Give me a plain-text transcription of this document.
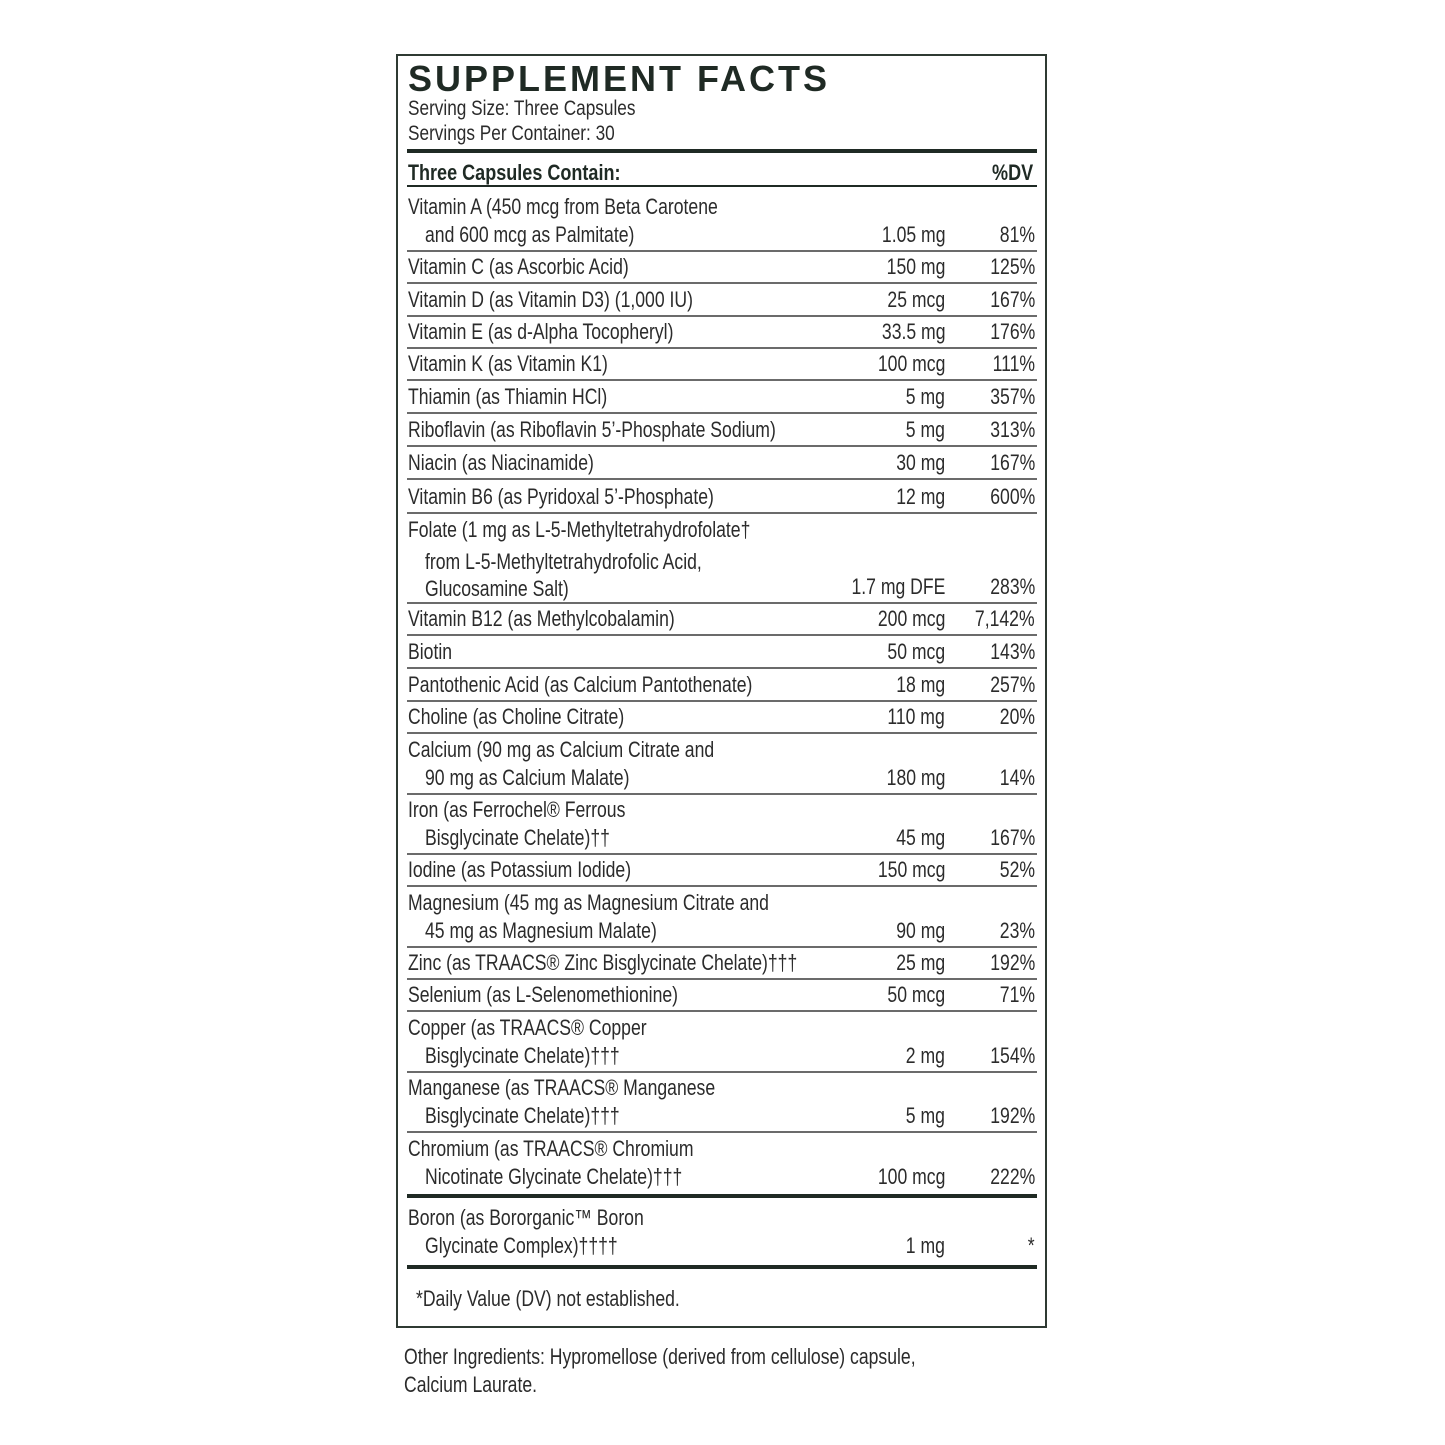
SUPPLEMENT FACTS
Serving Size: Three Capsules
Servings Per Container: 30
Three Capsules Contain:	%DV
Vitamin A (450 mcg from Beta Carotene
and 600 mcg as Palmitate)	1.05 mg 81%
Vitamin C (as Ascorbic Acid)	150 mg 125%
Vitamin D (as Vitamin D3) (1,000 IU)	25 mcg 167%
Vitamin E (as d-Alpha Tocopheryl)	33.5 mg 176%
Vitamin K (as Vitamin K1)	100 mcg 111%
Thiamin (as Thiamin HCl)	5 mg 357%
Riboflavin (as Riboflavin 5’-Phosphate Sodium)	5 mg 313%
Niacin (as Niacinamide)	30 mg 167%
Vitamin B6 (as Pyridoxal 5’-Phosphate)	12 mg 600%
Folate (1 mg as L-5-Methyltetrahydrofolate†
from L-5-Methyltetrahydrofolic Acid,
Glucosamine Salt)	1.7 mg DFE 283%
Vitamin B12 (as Methylcobalamin)	200 mcg 7,142%
Biotin	50 mcg 143%
Pantothenic Acid (as Calcium Pantothenate)	18 mg 257%
Choline (as Choline Citrate)	110 mg 20%
Calcium (90 mg as Calcium Citrate and
90 mg as Calcium Malate)	180 mg 14%
Iron (as Ferrochel® Ferrous
Bisglycinate Chelate)††	45 mg 167%
Iodine (as Potassium Iodide)	150 mcg 52%
Magnesium (45 mg as Magnesium Citrate and
45 mg as Magnesium Malate)	90 mg 23%
Zinc (as TRAACS® Zinc Bisglycinate Chelate)†††	25 mg 192%
Selenium (as L-Selenomethionine)	50 mcg 71%
Copper (as TRAACS® Copper
Bisglycinate Chelate)†††	2 mg 154%
Manganese (as TRAACS® Manganese
Bisglycinate Chelate)†††	5 mg 192%
Chromium (as TRAACS® Chromium
Nicotinate Glycinate Chelate)†††	100 mcg 222%
Boron (as Bororganic™ Boron
Glycinate Complex)††††	1 mg	*
*Daily Value (DV) not established.
Other Ingredients: Hypromellose (derived from cellulose) capsule,
Calcium Laurate.
